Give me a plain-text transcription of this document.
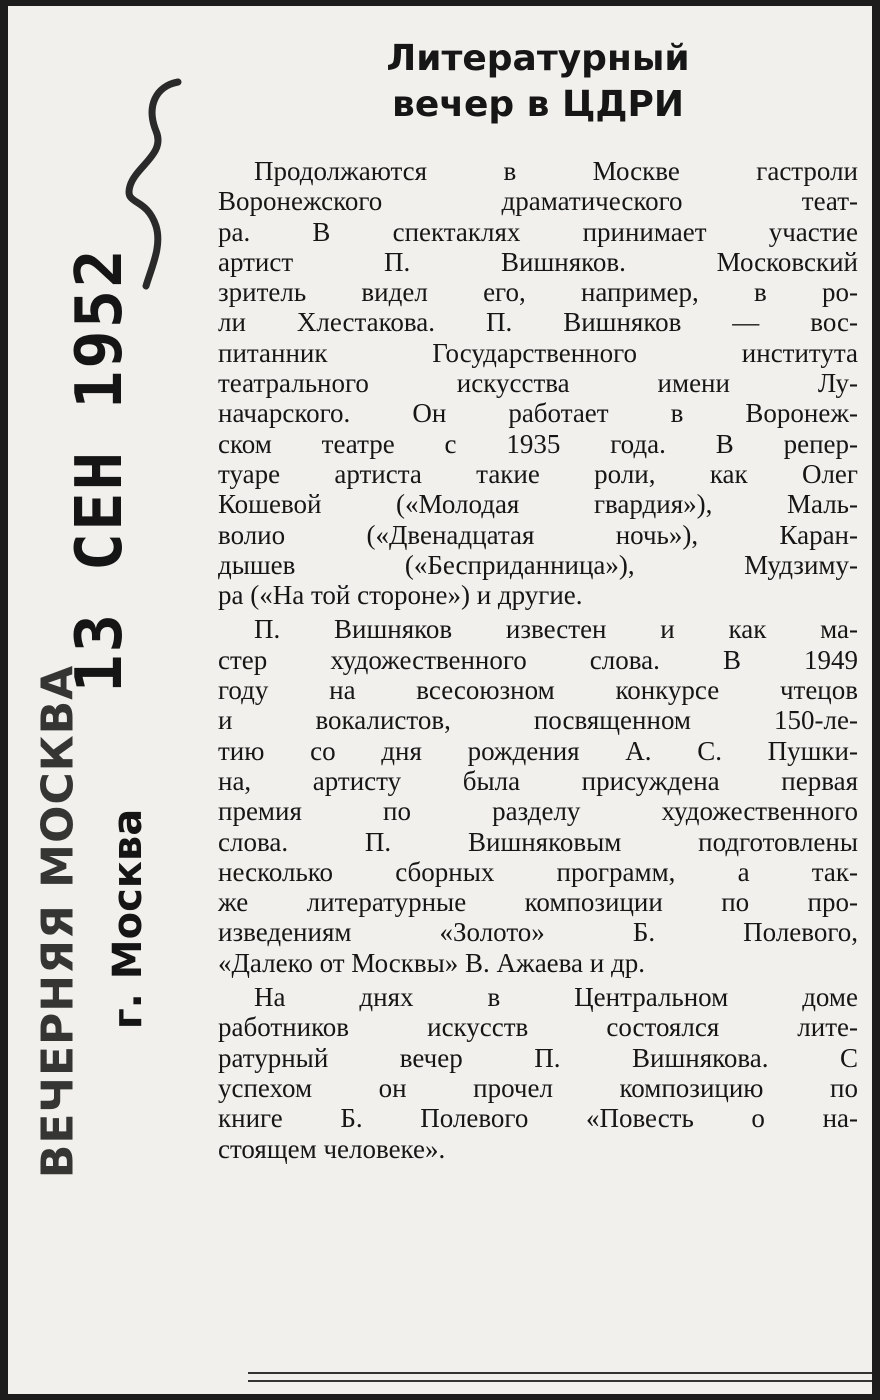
ВЕЧЕРНЯЯ МОСКВА г. Москва
13 СЕН 1952
Литературный
вечер в ЦДРИ
Продолжаются в Москве гастроли
Воронежского драматического теат-
ра. В спектаклях принимает участие
артист П. Вишняков. Московский
зритель видел его, например, в ро-
ли Хлестакова. П. Вишняков — вос-
питанник Государственного института
театрального искусства имени Лу-
начарского. Он работает в Воронеж-
ском театре с 1935 года. В репер-
туаре артиста такие роли, как Олег
Кошевой («Молодая гвардия»), Маль-
волио («Двенадцатая ночь»), Каран-
дышев («Бесприданница»), Мудзиму-
ра («На той стороне») и другие.
П. Вишняков известен и как ма-
стер художественного слова. В 1949
году на всесоюзном конкурсе чтецов
и вокалистов, посвященном 150-ле-
тию со дня рождения А. С. Пушки-
на, артисту была присуждена первая
премия по разделу художественного
слова. П. Вишняковым подготовлены
несколько сборных программ, а так-
же литературные композиции по про-
изведениям «Золото» Б. Полевого,
«Далеко от Москвы» В. Ажаева и др.
На днях в Центральном доме
работников искусств состоялся лите-
ратурный вечер П. Вишнякова. С
успехом он прочел композицию по
книге Б. Полевого «Повесть о на-
стоящем человеке».
